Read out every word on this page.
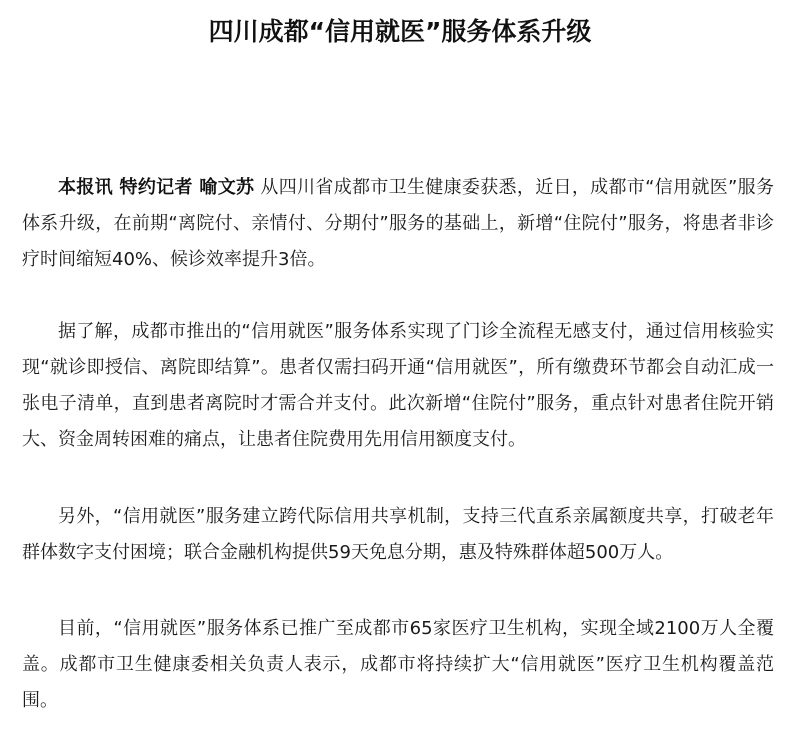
四川成都“信用就医”服务体系升级

本报讯 特约记者 喻文苏 从四川省成都市卫生健康委获悉，近日，成都市“信用就医”服务体系升级，在前期“离院付、亲情付、分期付”服务的基础上，新增“住院付”服务，将患者非诊疗时间缩短40%、候诊效率提升3倍。

据了解，成都市推出的“信用就医”服务体系实现了门诊全流程无感支付，通过信用核验实现“就诊即授信、离院即结算”。患者仅需扫码开通“信用就医”，所有缴费环节都会自动汇成一张电子清单，直到患者离院时才需合并支付。此次新增“住院付”服务，重点针对患者住院开销大、资金周转困难的痛点，让患者住院费用先用信用额度支付。

另外，“信用就医”服务建立跨代际信用共享机制，支持三代直系亲属额度共享，打破老年群体数字支付困境；联合金融机构提供59天免息分期，惠及特殊群体超500万人。

目前，“信用就医”服务体系已推广至成都市65家医疗卫生机构，实现全域2100万人全覆盖。成都市卫生健康委相关负责人表示，成都市将持续扩大“信用就医”医疗卫生机构覆盖范围。
